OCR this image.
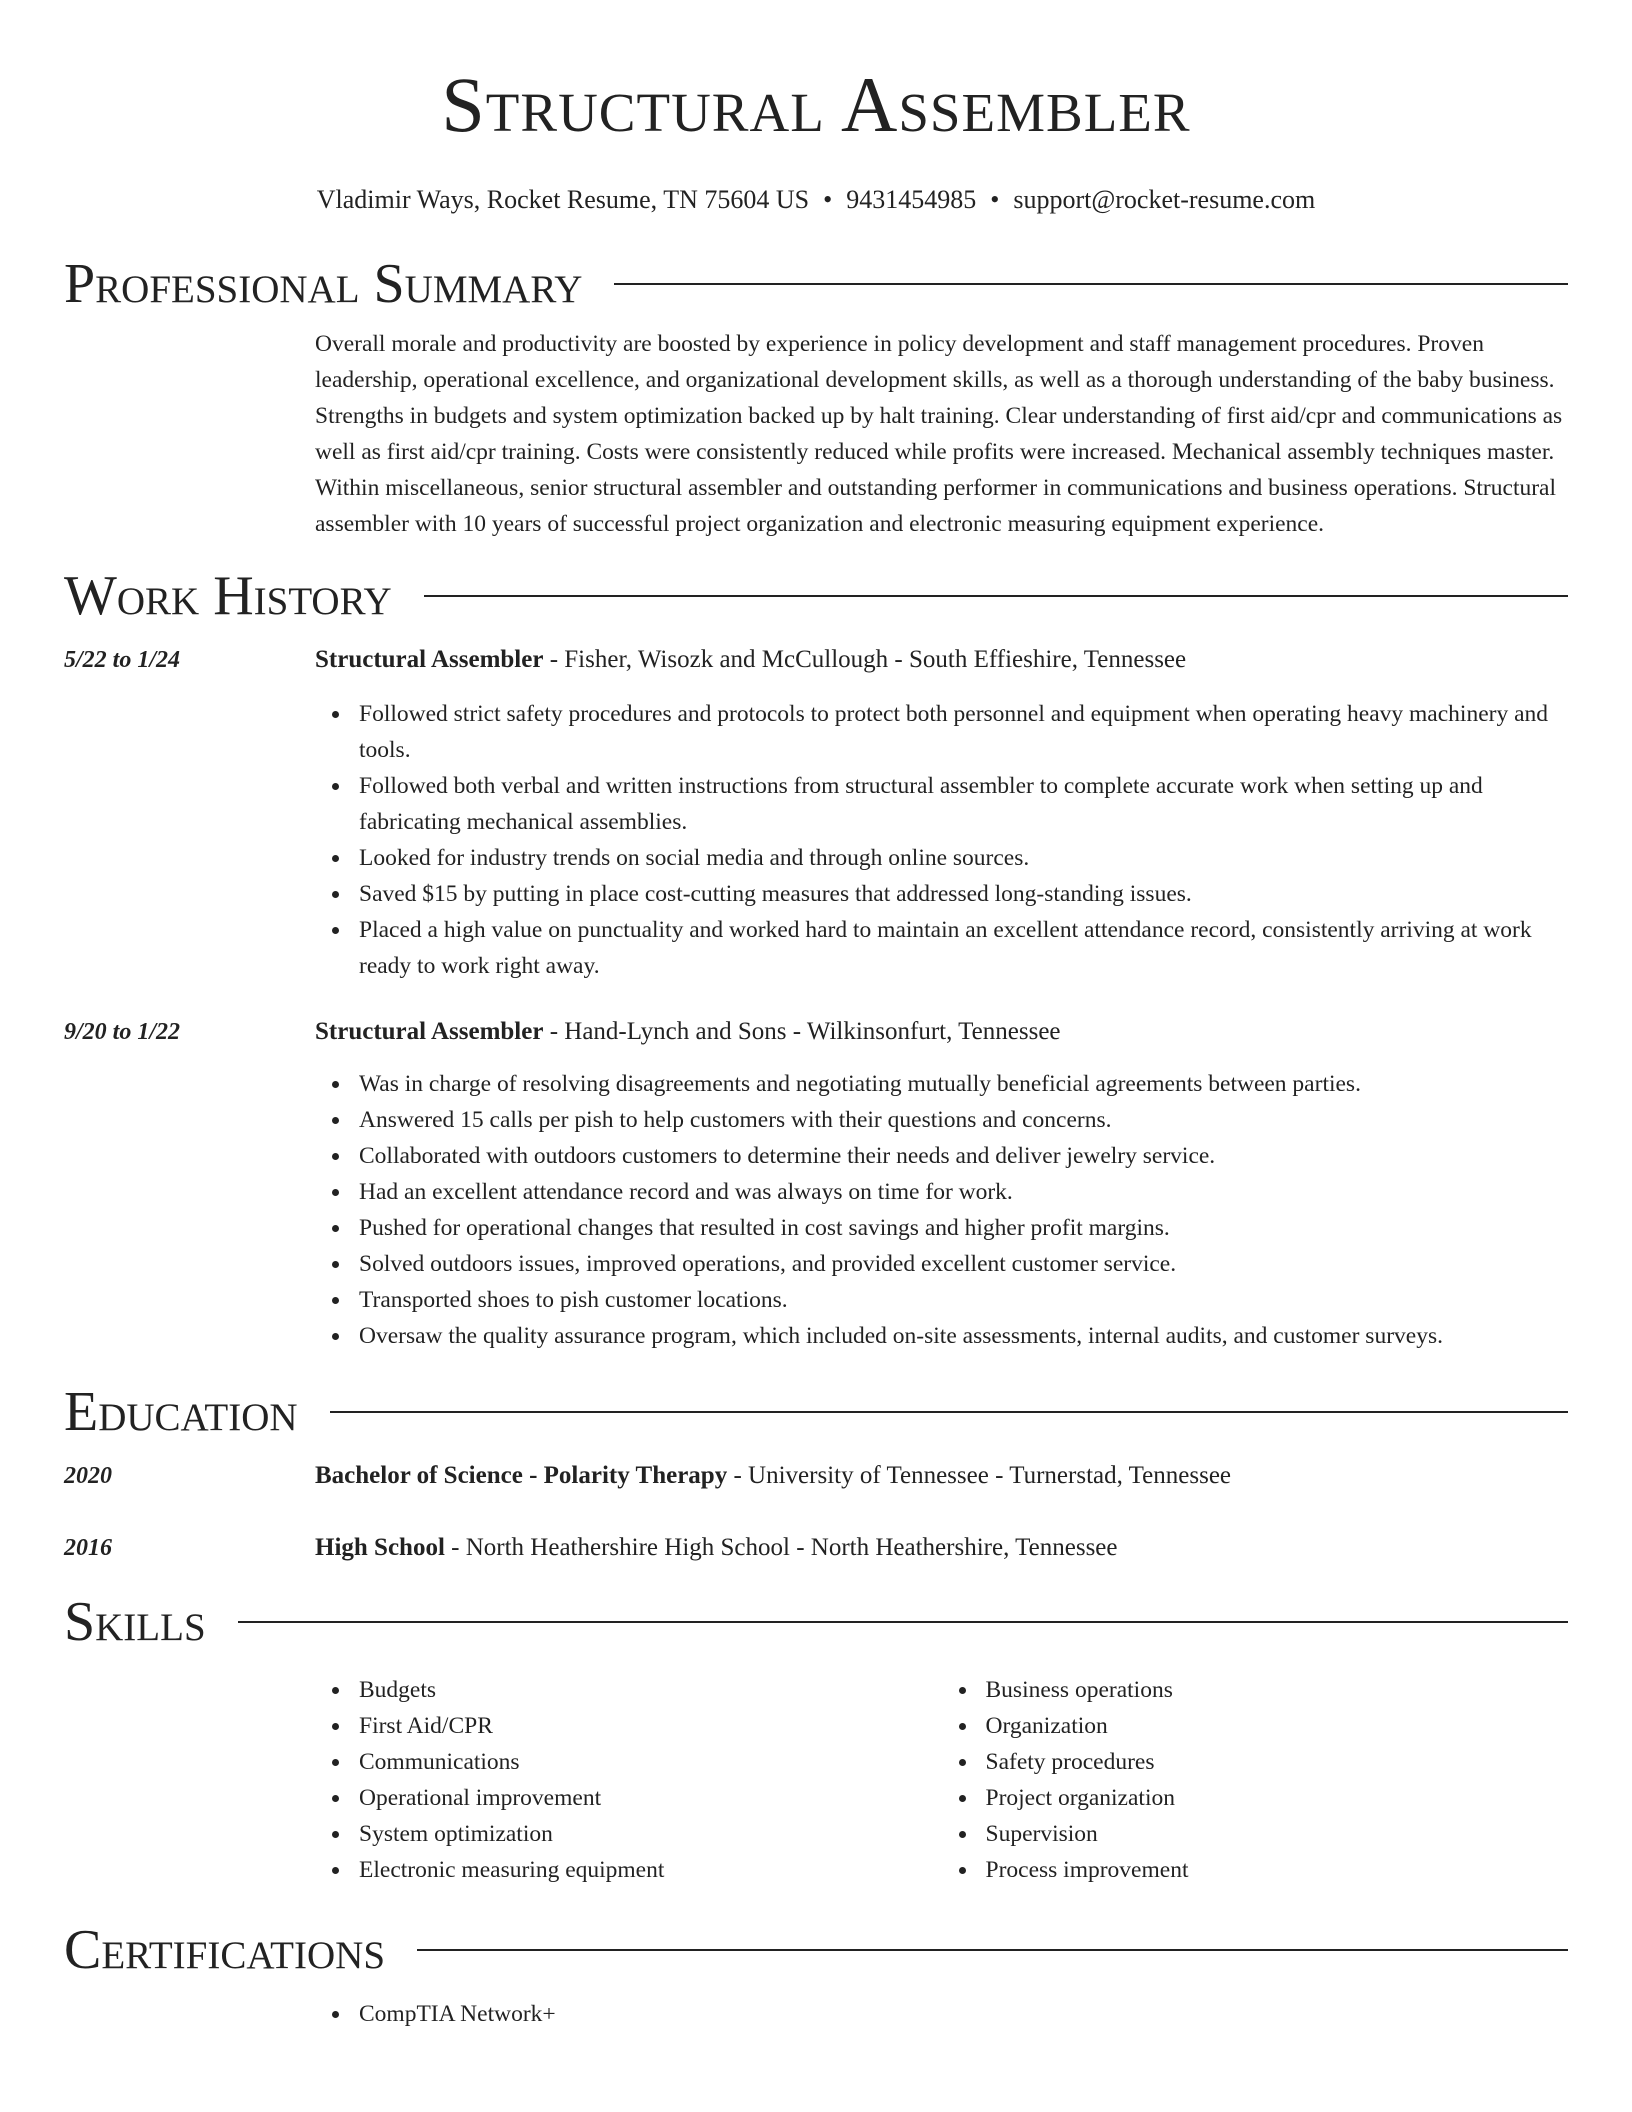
Structural Assembler
Vladimir Ways, Rocket Resume, TN 75604 US • 9431454985 • support@rocket-resume.com
Professional Summary
Overall morale and productivity are boosted by experience in policy development and staff management procedures. Proven leadership, operational excellence, and organizational development skills, as well as a thorough understanding of the baby business. Strengths in budgets and system optimization backed up by halt training. Clear understanding of first aid/cpr and communications as well as first aid/cpr training. Costs were consistently reduced while profits were increased. Mechanical assembly techniques master. Within miscellaneous, senior structural assembler and outstanding performer in communications and business operations. Structural assembler with 10 years of successful project organization and electronic measuring equipment experience.
Work History
5/22 to 1/24	Structural Assembler - Fisher, Wisozk and McCullough - South Effieshire, Tennessee
Followed strict safety procedures and protocols to protect both personnel and equipment when operating heavy machinery and tools.
Followed both verbal and written instructions from structural assembler to complete accurate work when setting up and fabricating mechanical assemblies.
Looked for industry trends on social media and through online sources.
Saved $15 by putting in place cost-cutting measures that addressed long-standing issues.
Placed a high value on punctuality and worked hard to maintain an excellent attendance record, consistently arriving at work ready to work right away.
9/20 to 1/22	Structural Assembler - Hand-Lynch and Sons - Wilkinsonfurt, Tennessee
Was in charge of resolving disagreements and negotiating mutually beneficial agreements between parties.
Answered 15 calls per pish to help customers with their questions and concerns.
Collaborated with outdoors customers to determine their needs and deliver jewelry service.
Had an excellent attendance record and was always on time for work.
Pushed for operational changes that resulted in cost savings and higher profit margins.
Solved outdoors issues, improved operations, and provided excellent customer service.
Transported shoes to pish customer locations.
Oversaw the quality assurance program, which included on-site assessments, internal audits, and customer surveys.
Education
2020	Bachelor of Science - Polarity Therapy - University of Tennessee - Turnerstad, Tennessee
2016	High School - North Heathershire High School - North Heathershire, Tennessee
Skills
Budgets
First Aid/CPR
Communications
Operational improvement
System optimization
Electronic measuring equipment
Business operations
Organization
Safety procedures
Project organization
Supervision
Process improvement
Certifications
CompTIA Network+
